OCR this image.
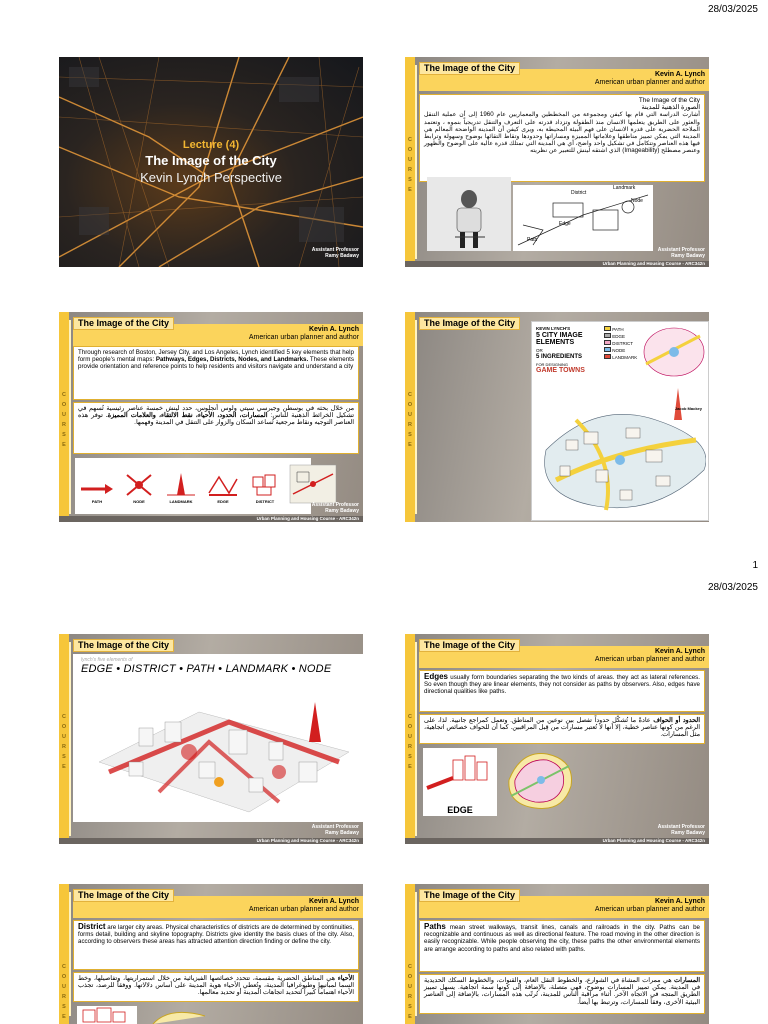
28/03/2025
Lecture (4)
The Image of the City
Kevin Lynch Perspective
Assistant Professor
Ramy Badawy
C
O
U
R
S
E
The Image of the City
Kevin A. Lynch
American urban planner and author
The Image of the City
الصورة الذهنية للمدينة
أشارت الدراسة التي قام بها كيفن ومجموعة من المخططين والمعماريين عام 1960 إلى أن عملية التنقل والعثور على الطريق يتعلمها الانسان منذ الطفولة وتزداد قدرته على التعرف والتنقل تدريجياً بنموه ، وتعتمد الملاحة الحضرية على قدرة الانسان على فهم البيئة المحيطة به، ويرى كيفن أن المدينة الواضحة المعالم هي المدينة التي يمكن تمييز مناطقها وعلاماتها المميزة ومساراتها وحدودها وتقاط التقائها بوضوح وسهولة وترابط فيها هذه العناصر وتتكامل في تشكيل واحد واضح، أي هي المدينة التي تمتلك قدرة عالية على الوضوح والظهور وعنصر مصطلح (Imageability) الذي اشتقه لينش للتعبير عن نظريته
District
Landmark
Node
Edge
Path
Assistant Professor
Ramy Badawy
Urban Planning and Housing Course - ARC342n
C
O
U
R
S
E
The Image of the City
Kevin A. Lynch
American urban planner and author
Through research of Boston, Jersey City, and Los Angeles, Lynch identified 5 key elements that help form people's mental maps: Pathways, Edges, Districts, Nodes, and Landmarks. These elements provide orientation and reference points to help residents and visitors navigate and understand a city
من خلال بحثه في بوسطن وجيرسي سيتي ولوس أنجلوس، حدد لينش خمسة عناصر رئيسية تُسهم في تشكيل الخرائط الذهنية للناس: المسارات، الحدود، الأحياء، نقط الالتقاء، والعلامات المميزة. توفر هذه العناصر التوجيه ونقاط مرجعية تُساعد السكان والزوار على التنقل في المدينة وفهمها.
PATH	NODE	LANDMARK	EDGE	DISTRICT
Assistant Professor
Ramy Badawy
Urban Planning and Housing Course - ARC342n
C
O
U
R
S
E
The Image of the City
KEVIN LYNCH'S
5 CITY IMAGE ELEMENTS
OR
5 INGREDIENTS
FOR DESIGNING
GAME TOWNS
PATH
EDGE
DISTRICT
NODE
LANDMARK
Jacob Mackey
1
28/03/2025
C
O
U
R
S
E
The Image of the City
lynch's five elements of
EDGE • DISTRICT • PATH • LANDMARK • NODE
Assistant Professor
Ramy Badawy
Urban Planning and Housing Course - ARC342n
C
O
U
R
S
E
The Image of the City
Kevin A. Lynch
American urban planner and author
Edges usually form boundaries separating the two kinds of areas. they act as lateral references. So even though they are linear elements, they not consider as paths by observers. Also, edges have directional qualities like paths.
الحدود أو الحواف عادةً ما تُشكّل حدوداً تفصل بين نوعين من المناطق. وتعمل كمراجع جانبية. لذا، على الرغم من كونها عناصر خطية، إلا أنها لا تُعتبر مسارات من قِبل المراقبين. كما أن للحواف خصائص اتجاهية، مثل المسارات.
EDGE
Assistant Professor
Ramy Badawy
Urban Planning and Housing Course - ARC342n
C
O
U
R
S
E
The Image of the City
Kevin A. Lynch
American urban planner and author
District are larger city areas. Physical characteristics of districts are de determined by continuities, forms detail, building and skyline topography. Districts give identity the basis clues of the city. Also, according to observers these areas has attracted attention direction finding or define the city.
الأحياء هي المناطق الحضرية مقسمة، تتحدد خصائصها الفيزيائية من خلال استمراريتها، وتفاصيلها، وخط السما لمبانيها وطبوغرافيا المدينة، وتُعطي الأحياء هوية المدينة على أساس دلالاتها. ووفقاً للرصد، تجذب الأحياء اهتماماً كبيراً لتحديد اتجاهات المدينة أو تحديد معالمها.
C
O
U
R
S
E
The Image of the City
Kevin A. Lynch
American urban planner and author
Paths mean street walkways, transit lines, canals and railroads in the city. Paths can be recognizable and continuous as well as directional feature. The road moving in the other direction is easily recognizable. While people observing the city, these paths the other environmental elements are arrange according to paths and also related with paths.
المسارات هي ممرات المشاة في الشوارع، والخطوط النقل العام، والقنوات، والخطوط السكك الحديدية في المدينة. يمكن تمييز المسارات بوضوح، فهي متصلة، بالإضافة إلى كونها سمة اتجاهية. يسهل تمييز الطريق المتجه في الاتجاه الآخر. أثناء مراقبة الناس للمدينة، تُرتّب هذه المسارات، بالإضافة إلى العناصر البيئية الأخرى، وفقاً للمسارات، وترتبط بها أيضاً.
